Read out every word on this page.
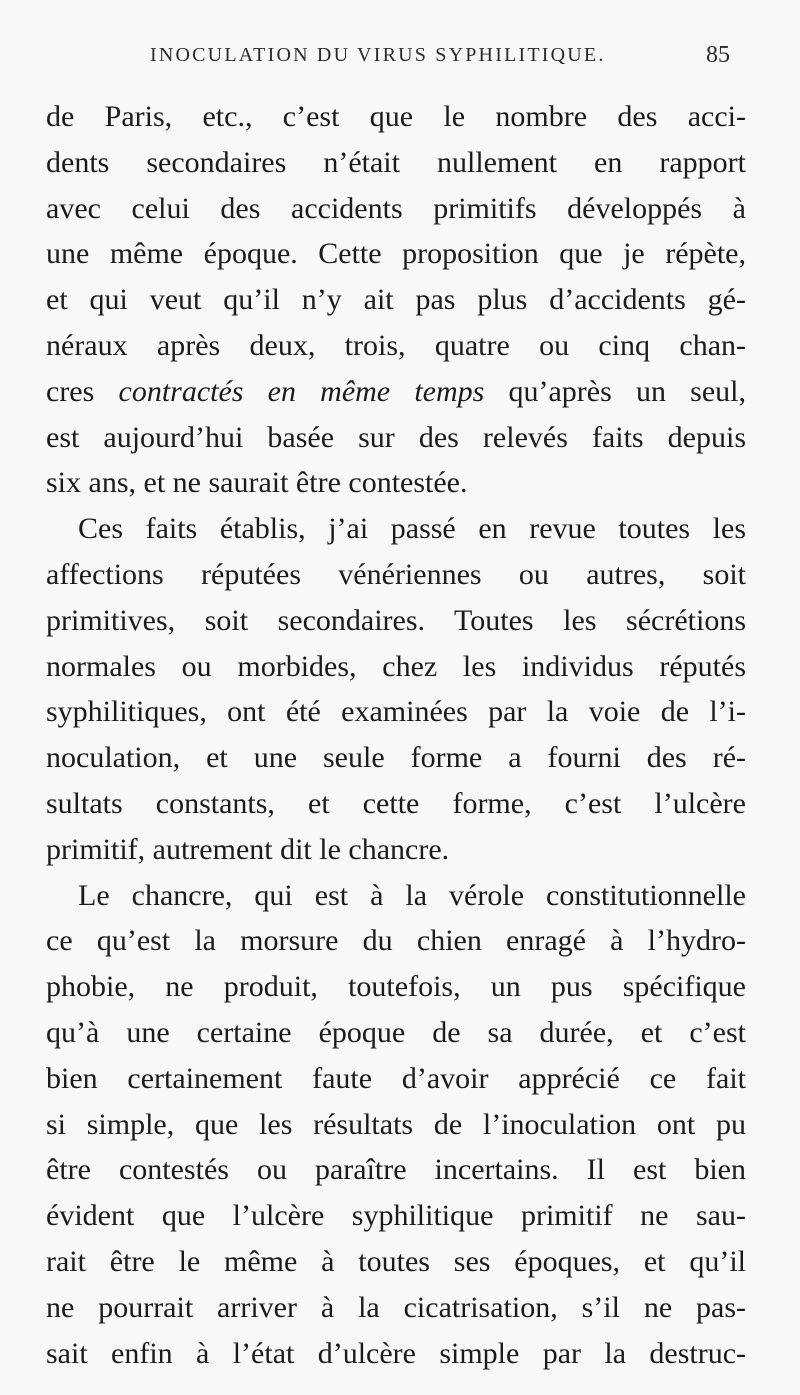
INOCULATION DU VIRUS SYPHILITIQUE.	85
de Paris, etc., c’est que le nombre des acci-
dents secondaires n’était nullement en rapport
avec celui des accidents primitifs développés à
une même époque. Cette proposition que je répète,
et qui veut qu’il n’y ait pas plus d’accidents gé-
néraux après deux, trois, quatre ou cinq chan-
cres contractés en même temps qu’après un seul,
est aujourd’hui basée sur des relevés faits depuis
six ans, et ne saurait être contestée.
Ces faits établis, j’ai passé en revue toutes les
affections réputées vénériennes ou autres, soit
primitives, soit secondaires. Toutes les sécrétions
normales ou morbides, chez les individus réputés
syphilitiques, ont été examinées par la voie de l’i-
noculation, et une seule forme a fourni des ré-
sultats constants, et cette forme, c’est l’ulcère
primitif, autrement dit le chancre.
Le chancre, qui est à la vérole constitutionnelle
ce qu’est la morsure du chien enragé à l’hydro-
phobie, ne produit, toutefois, un pus spécifique
qu’à une certaine époque de sa durée, et c’est
bien certainement faute d’avoir apprécié ce fait
si simple, que les résultats de l’inoculation ont pu
être contestés ou paraître incertains. Il est bien
évident que l’ulcère syphilitique primitif ne sau-
rait être le même à toutes ses époques, et qu’il
ne pourrait arriver à la cicatrisation, s’il ne pas-
sait enfin à l’état d’ulcère simple par la destruc-
